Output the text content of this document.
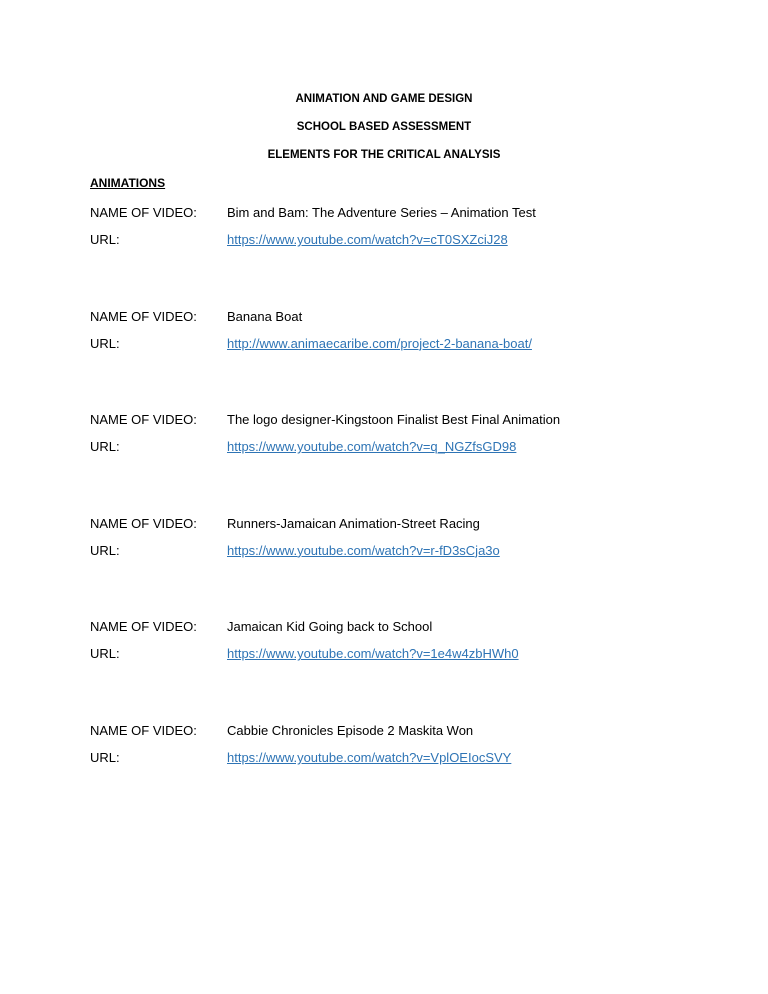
ANIMATION AND GAME DESIGN
SCHOOL BASED ASSESSMENT
ELEMENTS FOR THE CRITICAL ANALYSIS
ANIMATIONS
NAME OF VIDEO:	Bim and Bam: The Adventure Series – Animation Test
URL:	https://www.youtube.com/watch?v=cT0SXZciJ28
NAME OF VIDEO:	Banana Boat
URL:	http://www.animaecaribe.com/project-2-banana-boat/
NAME OF VIDEO:	The logo designer-Kingstoon Finalist Best Final Animation
URL:	https://www.youtube.com/watch?v=q_NGZfsGD98
NAME OF VIDEO:	Runners-Jamaican Animation-Street Racing
URL:	https://www.youtube.com/watch?v=r-fD3sCja3o
NAME OF VIDEO:	Jamaican Kid Going back to School
URL:	https://www.youtube.com/watch?v=1e4w4zbHWh0
NAME OF VIDEO:	Cabbie Chronicles Episode 2 Maskita Won
URL:	https://www.youtube.com/watch?v=VplOEIocSVY
